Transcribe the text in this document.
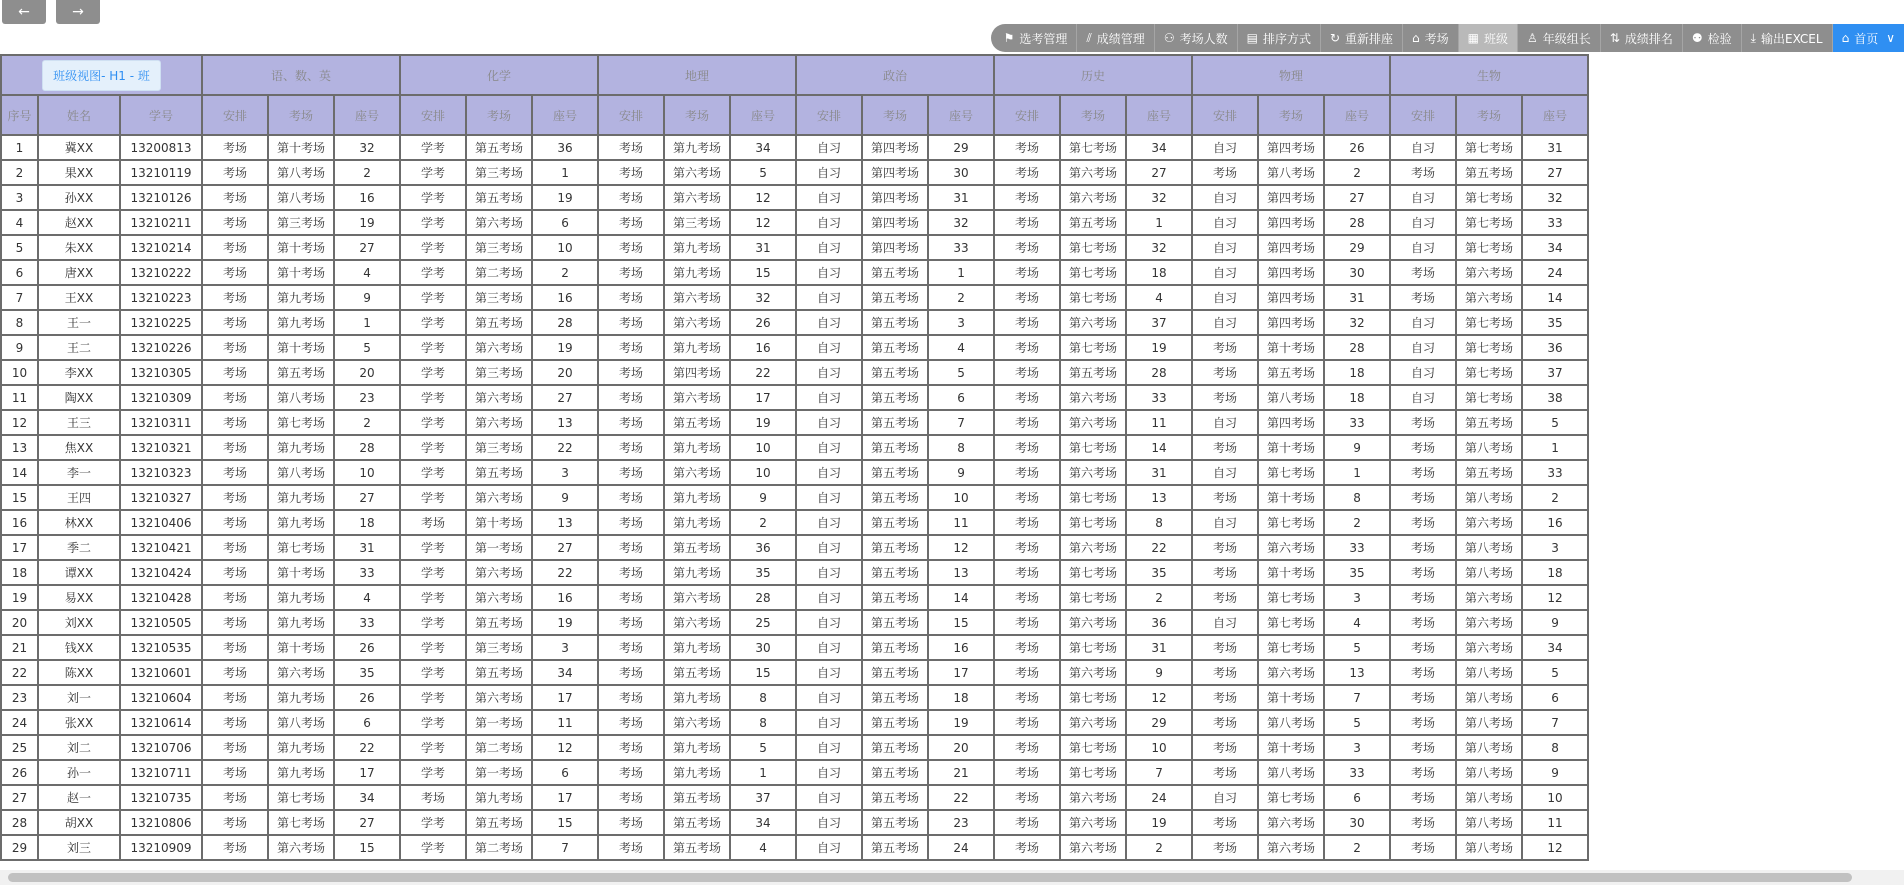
←	→
⚑ 选考管理 ⫽ 成绩管理 ⚇ 考场人数 ▤ 排序方式 ↻ 重新排座 ⌂ 考场 ▦ 班级 ♙ 年级组长 ⇅ 成绩排名 ⚉ 检验 ⤓ 输出EXCEL ⌂ 首页 ∨
班级视图- H1 - 班			语、数、英			化学			地理			政治			历史			物理			生物		
序号	姓名	学号	安排	考场	座号	安排	考场	座号	安排	考场	座号	安排	考场	座号	安排	考场	座号	安排	考场	座号	安排	考场	座号
1	冀XX	13200813	考场	第十考场	32	学考	第五考场	36	考场	第九考场	34	自习	第四考场	29	考场	第七考场	34	自习	第四考场	26	自习	第七考场	31
2	果XX	13210119	考场	第八考场	2	学考	第三考场	1	考场	第六考场	5	自习	第四考场	30	考场	第六考场	27	考场	第八考场	2	考场	第五考场	27
3	孙XX	13210126	考场	第八考场	16	学考	第五考场	19	考场	第六考场	12	自习	第四考场	31	考场	第六考场	32	自习	第四考场	27	自习	第七考场	32
4	赵XX	13210211	考场	第三考场	19	学考	第六考场	6	考场	第三考场	12	自习	第四考场	32	考场	第五考场	1	自习	第四考场	28	自习	第七考场	33
5	朱XX	13210214	考场	第十考场	27	学考	第三考场	10	考场	第九考场	31	自习	第四考场	33	考场	第七考场	32	自习	第四考场	29	自习	第七考场	34
6	唐XX	13210222	考场	第十考场	4	学考	第二考场	2	考场	第九考场	15	自习	第五考场	1	考场	第七考场	18	自习	第四考场	30	考场	第六考场	24
7	王XX	13210223	考场	第九考场	9	学考	第三考场	16	考场	第六考场	32	自习	第五考场	2	考场	第七考场	4	自习	第四考场	31	考场	第六考场	14
8	王一	13210225	考场	第九考场	1	学考	第五考场	28	考场	第六考场	26	自习	第五考场	3	考场	第六考场	37	自习	第四考场	32	自习	第七考场	35
9	王二	13210226	考场	第十考场	5	学考	第六考场	19	考场	第九考场	16	自习	第五考场	4	考场	第七考场	19	考场	第十考场	28	自习	第七考场	36
10	李XX	13210305	考场	第五考场	20	学考	第三考场	20	考场	第四考场	22	自习	第五考场	5	考场	第五考场	28	考场	第五考场	18	自习	第七考场	37
11	陶XX	13210309	考场	第八考场	23	学考	第六考场	27	考场	第六考场	17	自习	第五考场	6	考场	第六考场	33	考场	第八考场	18	自习	第七考场	38
12	王三	13210311	考场	第七考场	2	学考	第六考场	13	考场	第五考场	19	自习	第五考场	7	考场	第六考场	11	自习	第四考场	33	考场	第五考场	5
13	焦XX	13210321	考场	第九考场	28	学考	第三考场	22	考场	第九考场	10	自习	第五考场	8	考场	第七考场	14	考场	第十考场	9	考场	第八考场	1
14	李一	13210323	考场	第八考场	10	学考	第五考场	3	考场	第六考场	10	自习	第五考场	9	考场	第六考场	31	自习	第七考场	1	考场	第五考场	33
15	王四	13210327	考场	第九考场	27	学考	第六考场	9	考场	第九考场	9	自习	第五考场	10	考场	第七考场	13	考场	第十考场	8	考场	第八考场	2
16	林XX	13210406	考场	第九考场	18	考场	第十考场	13	考场	第九考场	2	自习	第五考场	11	考场	第七考场	8	自习	第七考场	2	考场	第六考场	16
17	季二	13210421	考场	第七考场	31	学考	第一考场	27	考场	第五考场	36	自习	第五考场	12	考场	第六考场	22	考场	第六考场	33	考场	第八考场	3
18	谭XX	13210424	考场	第十考场	33	学考	第六考场	22	考场	第九考场	35	自习	第五考场	13	考场	第七考场	35	考场	第十考场	35	考场	第八考场	18
19	易XX	13210428	考场	第九考场	4	学考	第六考场	16	考场	第六考场	28	自习	第五考场	14	考场	第七考场	2	考场	第七考场	3	考场	第六考场	12
20	刘XX	13210505	考场	第九考场	33	学考	第五考场	19	考场	第六考场	25	自习	第五考场	15	考场	第六考场	36	自习	第七考场	4	考场	第六考场	9
21	钱XX	13210535	考场	第十考场	26	学考	第三考场	3	考场	第九考场	30	自习	第五考场	16	考场	第七考场	31	考场	第七考场	5	考场	第六考场	34
22	陈XX	13210601	考场	第六考场	35	学考	第五考场	34	考场	第五考场	15	自习	第五考场	17	考场	第六考场	9	考场	第六考场	13	考场	第八考场	5
23	刘一	13210604	考场	第九考场	26	学考	第六考场	17	考场	第九考场	8	自习	第五考场	18	考场	第七考场	12	考场	第十考场	7	考场	第八考场	6
24	张XX	13210614	考场	第八考场	6	学考	第一考场	11	考场	第六考场	8	自习	第五考场	19	考场	第六考场	29	考场	第八考场	5	考场	第八考场	7
25	刘二	13210706	考场	第九考场	22	学考	第二考场	12	考场	第九考场	5	自习	第五考场	20	考场	第七考场	10	考场	第十考场	3	考场	第八考场	8
26	孙一	13210711	考场	第九考场	17	学考	第一考场	6	考场	第九考场	1	自习	第五考场	21	考场	第七考场	7	考场	第八考场	33	考场	第八考场	9
27	赵一	13210735	考场	第七考场	34	考场	第九考场	17	考场	第五考场	37	自习	第五考场	22	考场	第六考场	24	自习	第七考场	6	考场	第八考场	10
28	胡XX	13210806	考场	第七考场	27	学考	第五考场	15	考场	第五考场	34	自习	第五考场	23	考场	第六考场	19	考场	第六考场	30	考场	第八考场	11
29	刘三	13210909	考场	第六考场	15	学考	第二考场	7	考场	第五考场	4	自习	第五考场	24	考场	第六考场	2	考场	第六考场	2	考场	第八考场	12
